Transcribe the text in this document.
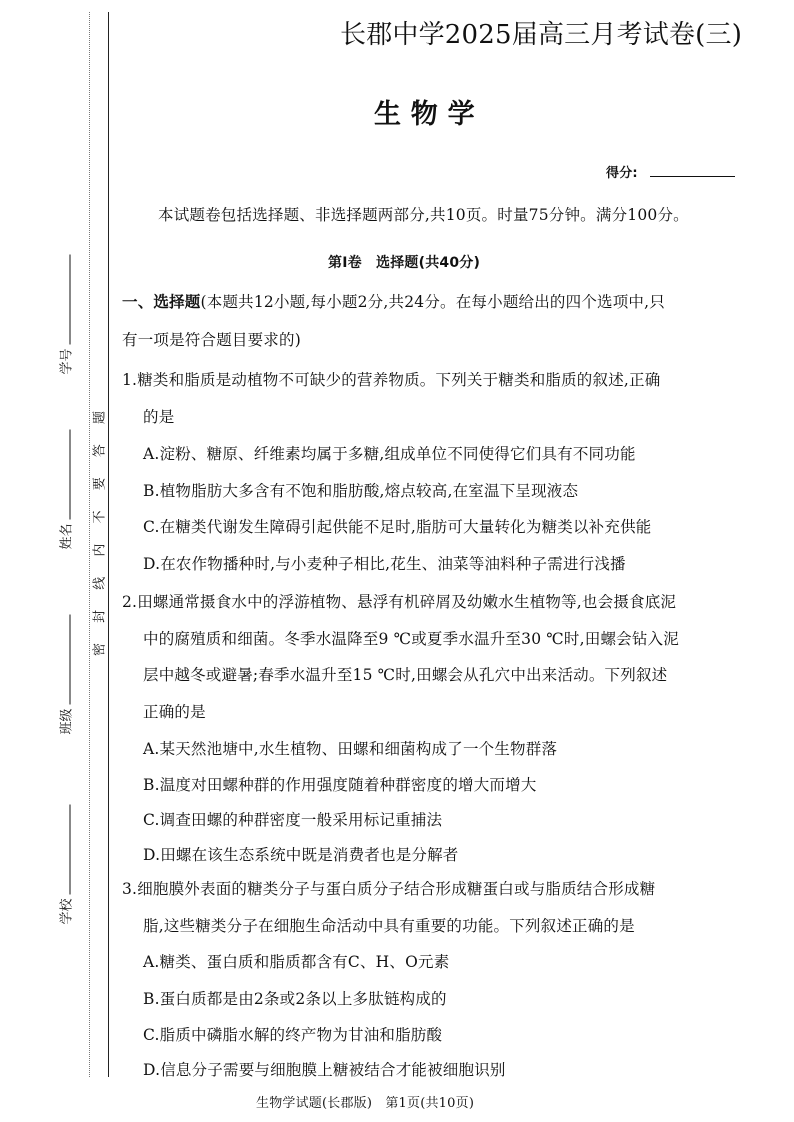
学号
姓名
班级
学校
密 封 线 内 不 要 答 题
长郡中学2025届高三月考试卷(三)
生 物 学
得分:
本试题卷包括选择题、非选择题两部分,共10页。时量75分钟。满分100分。
第Ⅰ卷　选择题(共40分)
一、选择题(本题共12小题,每小题2分,共24分。在每小题给出的四个选项中,只
有一项是符合题目要求的)
1.糖类和脂质是动植物不可缺少的营养物质。下列关于糖类和脂质的叙述,正确
的是
A.淀粉、糖原、纤维素均属于多糖,组成单位不同使得它们具有不同功能
B.植物脂肪大多含有不饱和脂肪酸,熔点较高,在室温下呈现液态
C.在糖类代谢发生障碍引起供能不足时,脂肪可大量转化为糖类以补充供能
D.在农作物播种时,与小麦种子相比,花生、油菜等油料种子需进行浅播
2.田螺通常摄食水中的浮游植物、悬浮有机碎屑及幼嫩水生植物等,也会摄食底泥
中的腐殖质和细菌。冬季水温降至9 ℃或夏季水温升至30 ℃时,田螺会钻入泥
层中越冬或避暑;春季水温升至15 ℃时,田螺会从孔穴中出来活动。下列叙述
正确的是
A.某天然池塘中,水生植物、田螺和细菌构成了一个生物群落
B.温度对田螺种群的作用强度随着种群密度的增大而增大
C.调查田螺的种群密度一般采用标记重捕法
D.田螺在该生态系统中既是消费者也是分解者
3.细胞膜外表面的糖类分子与蛋白质分子结合形成糖蛋白或与脂质结合形成糖
脂,这些糖类分子在细胞生命活动中具有重要的功能。下列叙述正确的是
A.糖类、蛋白质和脂质都含有C、H、O元素
B.蛋白质都是由2条或2条以上多肽链构成的
C.脂质中磷脂水解的终产物为甘油和脂肪酸
D.信息分子需要与细胞膜上糖被结合才能被细胞识别
生物学试题(长郡版)　第1页(共10页)
